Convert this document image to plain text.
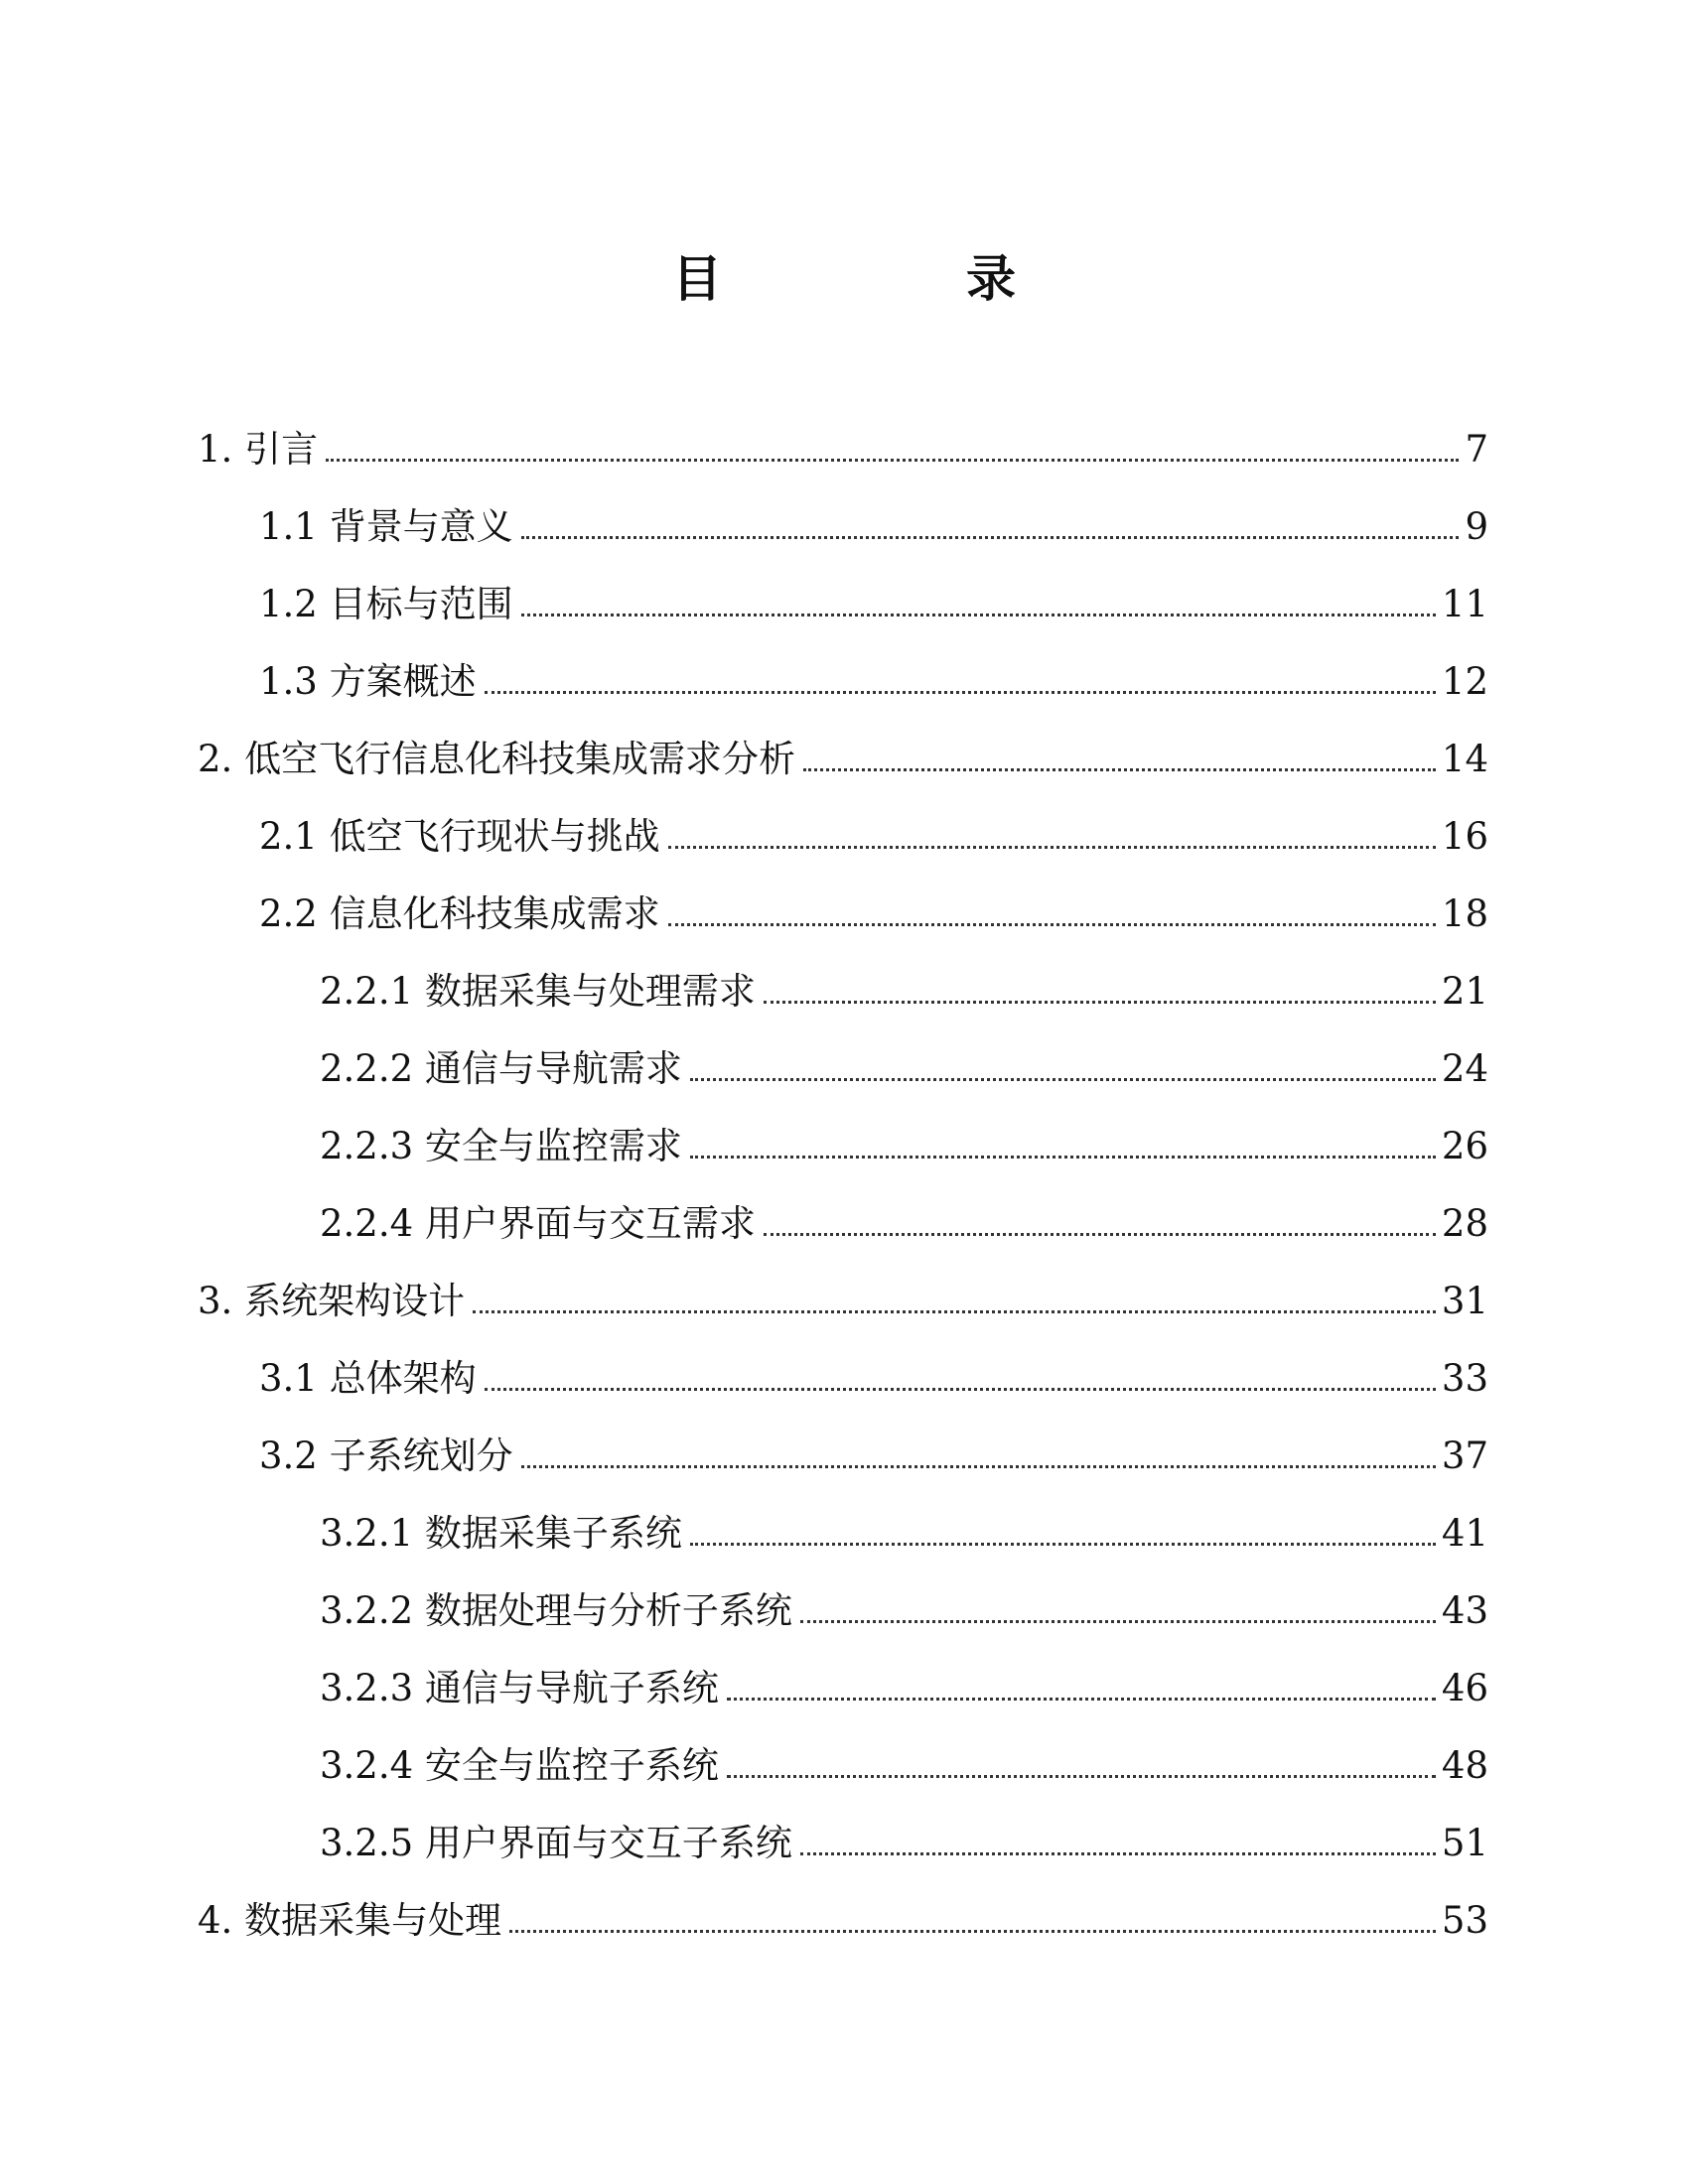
目　录
1. 引言	7
1.1 背景与意义	9
1.2 目标与范围	11
1.3 方案概述	12
2. 低空飞行信息化科技集成需求分析	14
2.1 低空飞行现状与挑战	16
2.2 信息化科技集成需求	18
2.2.1 数据采集与处理需求	21
2.2.2 通信与导航需求	24
2.2.3 安全与监控需求	26
2.2.4 用户界面与交互需求	28
3. 系统架构设计	31
3.1 总体架构	33
3.2 子系统划分	37
3.2.1 数据采集子系统	41
3.2.2 数据处理与分析子系统	43
3.2.3 通信与导航子系统	46
3.2.4 安全与监控子系统	48
3.2.5 用户界面与交互子系统	51
4. 数据采集与处理	53
